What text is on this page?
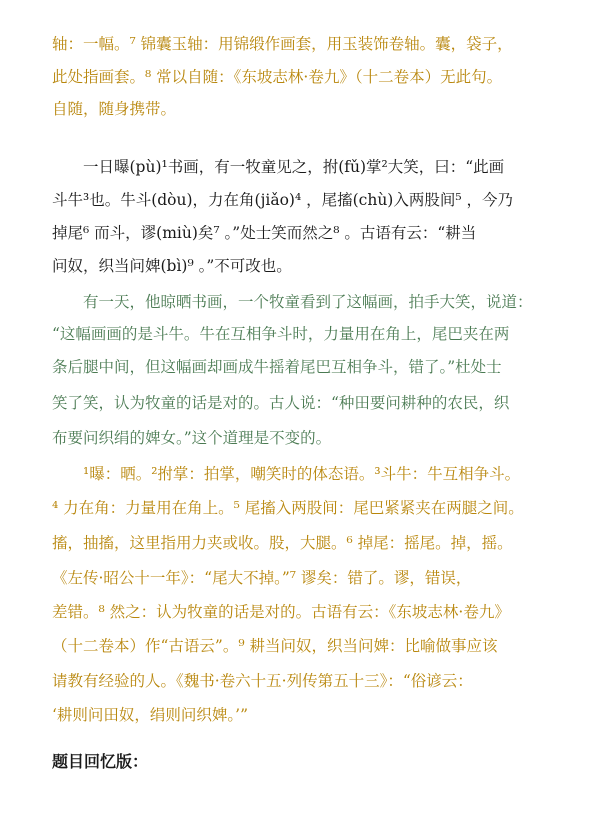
轴：一幅。⁷ 锦囊玉轴：用锦缎作画套，用玉装饰卷轴。囊，袋子，
此处指画套。⁸ 常以自随：《东坡志林·卷九》（十二卷本）无此句。
自随，随身携带。
　　一日曝(pù)¹书画，有一牧童见之，拊(fǔ)掌²大笑，曰：“此画
斗牛³也。牛斗(dòu)，力在角(jiǎo)⁴ ，尾搐(chù)入两股间⁵ ，今乃
掉尾⁶ 而斗，谬(miù)矣⁷ 。”处士笑而然之⁸ 。古语有云：“耕当
问奴，织当问婢(bì)⁹ 。”不可改也。
　　有一天，他晾晒书画，一个牧童看到了这幅画，拍手大笑，说道：
“这幅画画的是斗牛。牛在互相争斗时，力量用在角上，尾巴夹在两
条后腿中间，但这幅画却画成牛摇着尾巴互相争斗，错了。”杜处士
笑了笑，认为牧童的话是对的。古人说：“种田要问耕种的农民，织
布要问织绢的婢女。”这个道理是不变的。
　　¹曝：晒。²拊掌：拍掌，嘲笑时的体态语。³斗牛：牛互相争斗。
⁴ 力在角：力量用在角上。⁵ 尾搐入两股间：尾巴紧紧夹在两腿之间。
搐，抽搐，这里指用力夹或收。股，大腿。⁶ 掉尾：摇尾。掉，摇。
《左传·昭公十一年》：“尾大不掉。”⁷ 谬矣：错了。谬，错误，
差错。⁸ 然之：认为牧童的话是对的。古语有云：《东坡志林·卷九》
（十二卷本）作“古语云”。⁹ 耕当问奴，织当问婢：比喻做事应该
请教有经验的人。《魏书·卷六十五·列传第五十三》：“俗谚云：
‘耕则问田奴，绢则问织婢。’”
题目回忆版：
